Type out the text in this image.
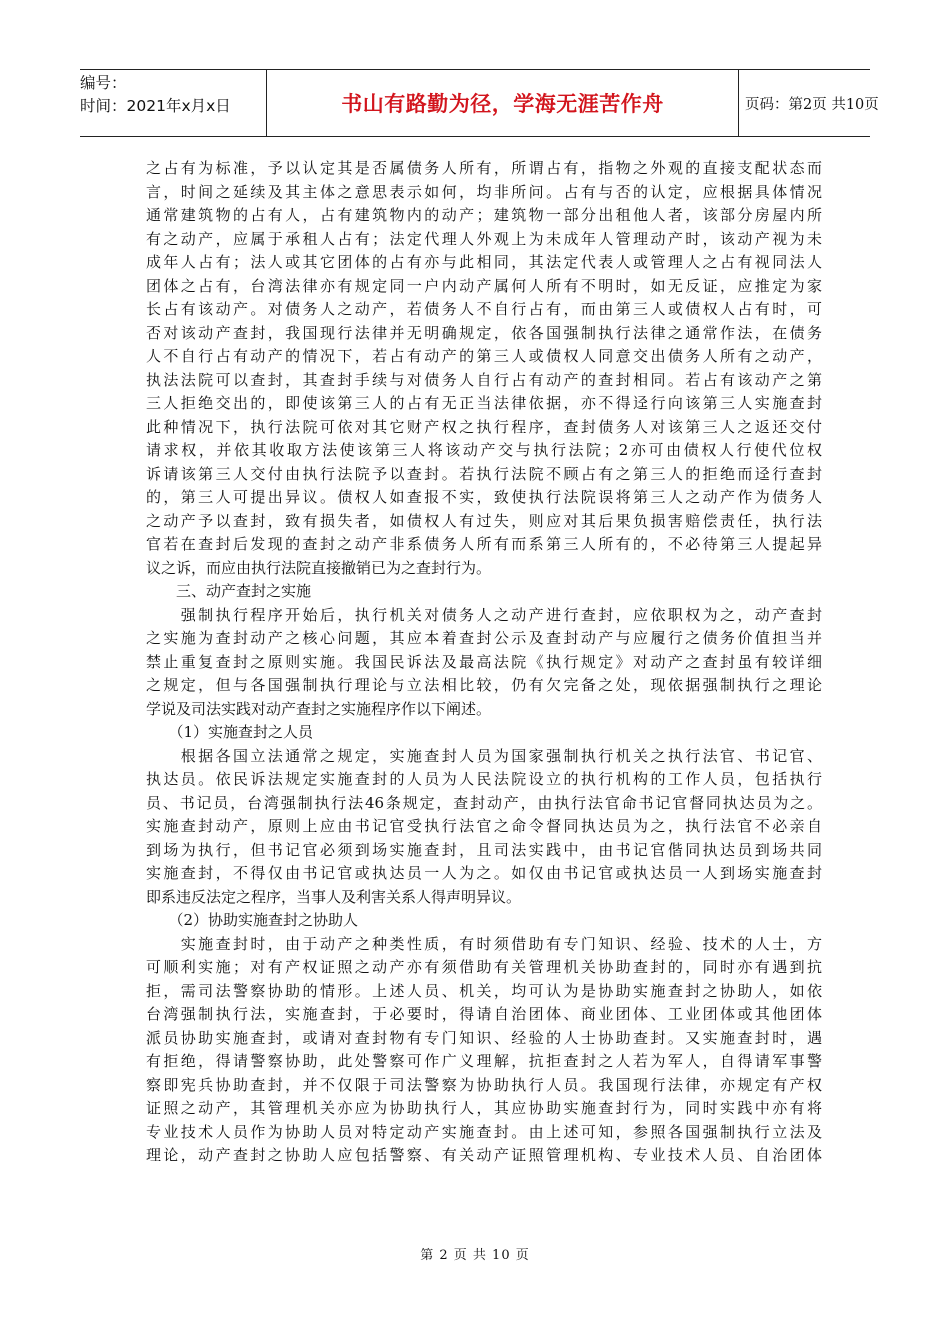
编号：
时间：2021年x月x日	书山有路勤为径，学海无涯苦作舟	页码：第2页 共10页
之占有为标准，予以认定其是否属债务人所有，所谓占有，指物之外观的直接支配状态而
言，时间之延续及其主体之意思表示如何，均非所问。占有与否的认定，应根据具体情况
通常建筑物的占有人，占有建筑物内的动产；建筑物一部分出租他人者，该部分房屋内所
有之动产，应属于承租人占有；法定代理人外观上为未成年人管理动产时，该动产视为未
成年人占有；法人或其它团体的占有亦与此相同，其法定代表人或管理人之占有视同法人
团体之占有，台湾法律亦有规定同一户内动产属何人所有不明时，如无反证，应推定为家
长占有该动产。对债务人之动产，若债务人不自行占有，而由第三人或债权人占有时，可
否对该动产查封，我国现行法律并无明确规定，依各国强制执行法律之通常作法，在债务
人不自行占有动产的情况下，若占有动产的第三人或债权人同意交出债务人所有之动产，
执法法院可以查封，其查封手续与对债务人自行占有动产的查封相同。若占有该动产之第
三人拒绝交出的，即使该第三人的占有无正当法律依据，亦不得迳行向该第三人实施查封
此种情况下，执行法院可依对其它财产权之执行程序，查封债务人对该第三人之返还交付
请求权，并依其收取方法使该第三人将该动产交与执行法院；2亦可由债权人行使代位权
诉请该第三人交付由执行法院予以查封。若执行法院不顾占有之第三人的拒绝而迳行查封
的，第三人可提出异议。债权人如查报不实，致使执行法院误将第三人之动产作为债务人
之动产予以查封，致有损失者，如债权人有过失，则应对其后果负损害赔偿责任，执行法
官若在查封后发现的查封之动产非系债务人所有而系第三人所有的，不必待第三人提起异
议之诉，而应由执行法院直接撤销已为之查封行为。
　　三、动产查封之实施
　　强制执行程序开始后，执行机关对债务人之动产进行查封，应依职权为之，动产查封
之实施为查封动产之核心问题，其应本着查封公示及查封动产与应履行之债务价值担当并
禁止重复查封之原则实施。我国民诉法及最高法院《执行规定》对动产之查封虽有较详细
之规定，但与各国强制执行理论与立法相比较，仍有欠完备之处，现依据强制执行之理论
学说及司法实践对动产查封之实施程序作以下阐述。
　　（1）实施查封之人员
　　根据各国立法通常之规定，实施查封人员为国家强制执行机关之执行法官、书记官、
执达员。依民诉法规定实施查封的人员为人民法院设立的执行机构的工作人员，包括执行
员、书记员，台湾强制执行法46条规定，查封动产，由执行法官命书记官督同执达员为之。
实施查封动产，原则上应由书记官受执行法官之命令督同执达员为之，执行法官不必亲自
到场为执行，但书记官必须到场实施查封，且司法实践中，由书记官偕同执达员到场共同
实施查封，不得仅由书记官或执达员一人为之。如仅由书记官或执达员一人到场实施查封
即系违反法定之程序，当事人及利害关系人得声明异议。
　　（2）协助实施查封之协助人
　　实施查封时，由于动产之种类性质，有时须借助有专门知识、经验、技术的人士，方
可顺利实施；对有产权证照之动产亦有须借助有关管理机关协助查封的，同时亦有遇到抗
拒，需司法警察协助的情形。上述人员、机关，均可认为是协助实施查封之协助人，如依
台湾强制执行法，实施查封，于必要时，得请自治团体、商业团体、工业团体或其他团体
派员协助实施查封，或请对查封物有专门知识、经验的人士协助查封。又实施查封时，遇
有拒绝，得请警察协助，此处警察可作广义理解，抗拒查封之人若为军人，自得请军事警
察即宪兵协助查封，并不仅限于司法警察为协助执行人员。我国现行法律，亦规定有产权
证照之动产，其管理机关亦应为协助执行人，其应协助实施查封行为，同时实践中亦有将
专业技术人员作为协助人员对特定动产实施查封。由上述可知，参照各国强制执行立法及
理论，动产查封之协助人应包括警察、有关动产证照管理机构、专业技术人员、自治团体
第 2 页 共 10 页
